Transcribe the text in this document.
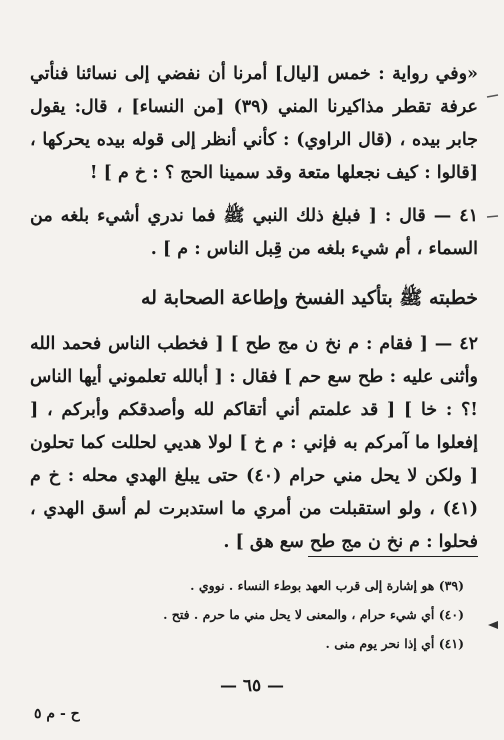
«وفي رواية : خمس [ليال] أمرنا أن نفضي إلى نسائنا فنأتي عرفة تقطر مذاكيرنا المني (٣٩) [من النساء] ، قال: يقول جابر بيده ، (قال الراوي) : كأني أنظر إلى قوله بيده يحركها ، [قالوا : كيف نجعلها متعة وقد سمينا الحج ؟ : خ م ] !

٤١ — قال : [ فبلغ ذلك النبي ﷺ فما ندري أشيء بلغه من السماء ، أم شيء بلغه من قِبل الناس : م ] .

خطبته ﷺ بتأكيد الفسخ وإطاعة الصحابة له

٤٢ — [ فقام : م نخ ن مج طح ] [ فخطب الناس فحمد الله وأثنى عليه : طح سع حم ] فقال : [ أبالله تعلموني أيها الناس !؟ : خا ] [ قد علمتم أني أتقاكم لله وأصدقكم وأبركم ، [ إفعلوا ما آمركم به فإني : م خ ] لولا هديي لحللت كما تحلون [ ولكن لا يحل مني حرام (٤٠) حتى يبلغ الهدي محله : خ م (٤١) ، ولو استقبلت من أمري ما استدبرت لم أسق الهدي ، فحلوا : م نخ ن مج طح سع هق ] .

(٣٩) هو إشارة إلى قرب العهد بوطء النساء . نووي .

(٤٠) أي شيء حرام ، والمعنى لا يحل مني ما حرم . فتح .

(٤١) أي إذا نحر يوم منى .

— ٦٥ —
ح - م ٥
